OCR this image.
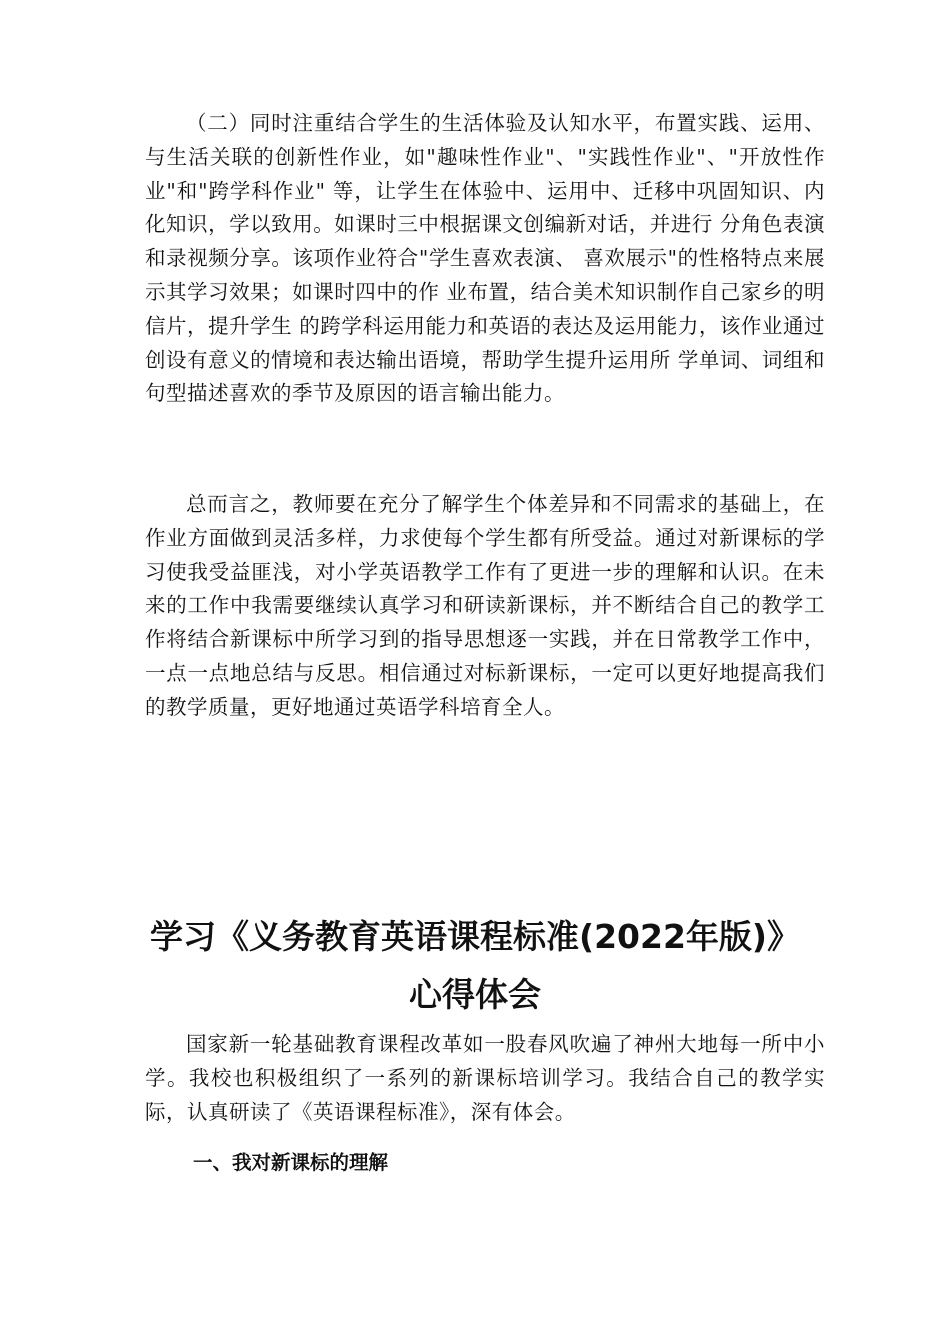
（二）同时注重结合学生的生活体验及认知水平，布置实践、运用、与生活关联的创新性作业，如"趣味性作业"、"实践性作业"、"开放性作业"和"跨学科作业" 等，让学生在体验中、运用中、迁移中巩固知识、内化知识，学以致用。如课时三中根据课文创编新对话，并进行 分角色表演和录视频分享。该项作业符合"学生喜欢表演、 喜欢展示"的性格特点来展示其学习效果；如课时四中的作 业布置，结合美术知识制作自己家乡的明信片，提升学生 的跨学科运用能力和英语的表达及运用能力，该作业通过 创设有意义的情境和表达输出语境，帮助学生提升运用所 学单词、词组和句型描述喜欢的季节及原因的语言输出能力。

总而言之，教师要在充分了解学生个体差异和不同需求的基础上，在作业方面做到灵活多样，力求使每个学生都有所受益。通过对新课标的学习使我受益匪浅，对小学英语教学工作有了更进一步的理解和认识。在未来的工作中我需要继续认真学习和研读新课标，并不断结合自己的教学工作将结合新课标中所学习到的指导思想逐一实践，并在日常教学工作中，一点一点地总结与反思。相信通过对标新课标，一定可以更好地提高我们的教学质量，更好地通过英语学科培育全人。

学习《义务教育英语课程标准(2022年版)》
心得体会

国家新一轮基础教育课程改革如一股春风吹遍了神州大地每一所中小学。我校也积极组织了一系列的新课标培训学习。我结合自己的教学实际，认真研读了《英语课程标准》，深有体会。

一、我对新课标的理解
